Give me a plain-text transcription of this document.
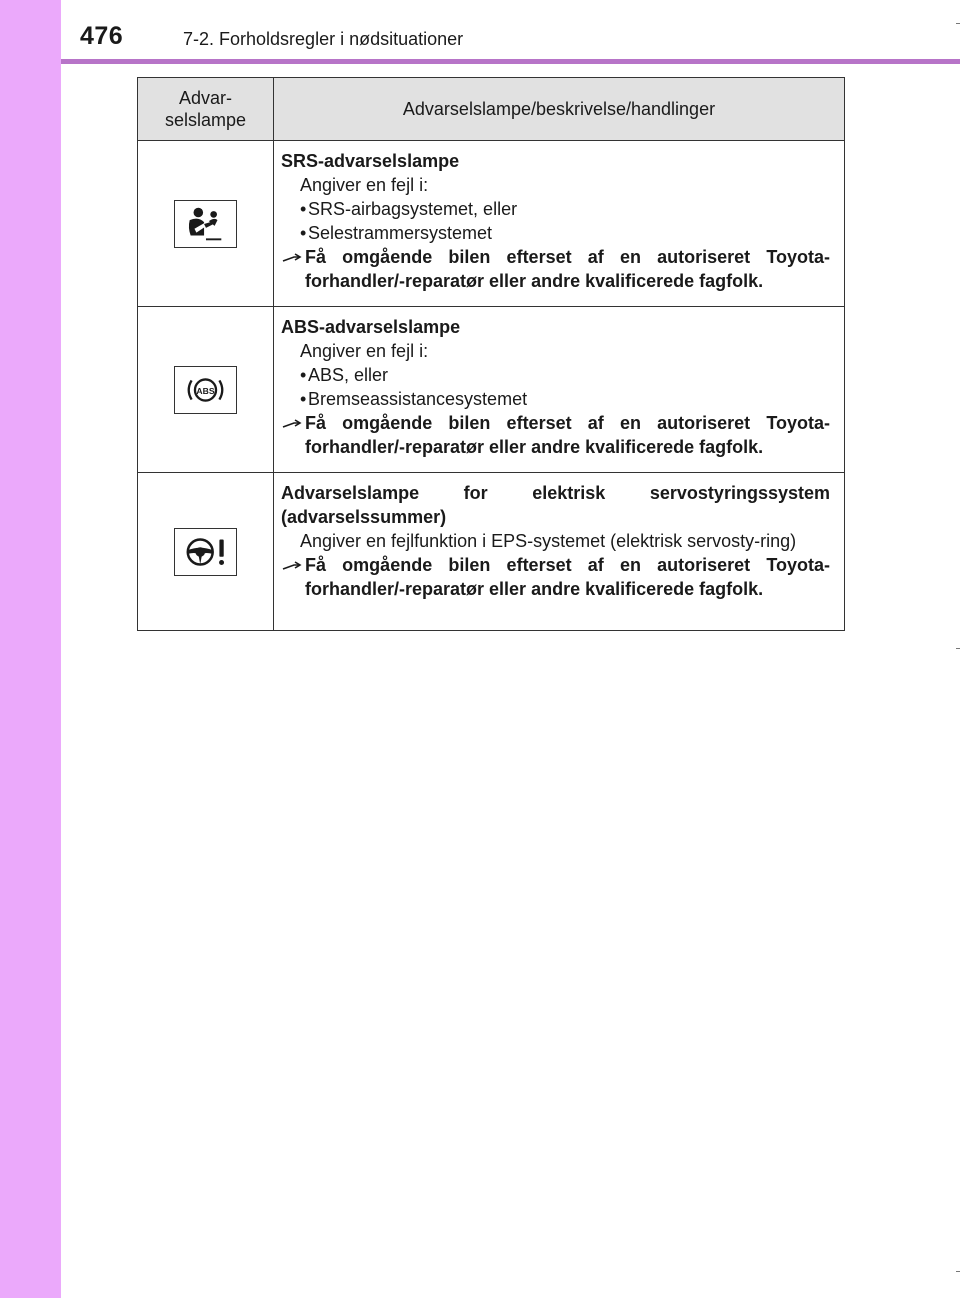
476	7-2. Forholdsregler i nødsituationer
Advar-
selslampe	Advarselslampe/beskrivelse/handlinger

SRS-advarselslampe
Angiver en fejl i:
• SRS-airbagsystemet, eller
• Selestrammersystemet
Få omgående bilen efterset af en autoriseret Toyota-forhandler/-reparatør eller andre kvalificerede fagfolk.

ABS	ABS-advarselslampe
Angiver en fejl i:
• ABS, eller
• Bremseassistancesystemet
Få omgående bilen efterset af en autoriseret Toyota-forhandler/-reparatør eller andre kvalificerede fagfolk.

Advarselslampe for elektrisk servostyringssystem (advarselssummer)
Angiver en fejlfunktion i EPS-systemet (elektrisk servosty-ring)
Få omgående bilen efterset af en autoriseret Toyota-forhandler/-reparatør eller andre kvalificerede fagfolk.
